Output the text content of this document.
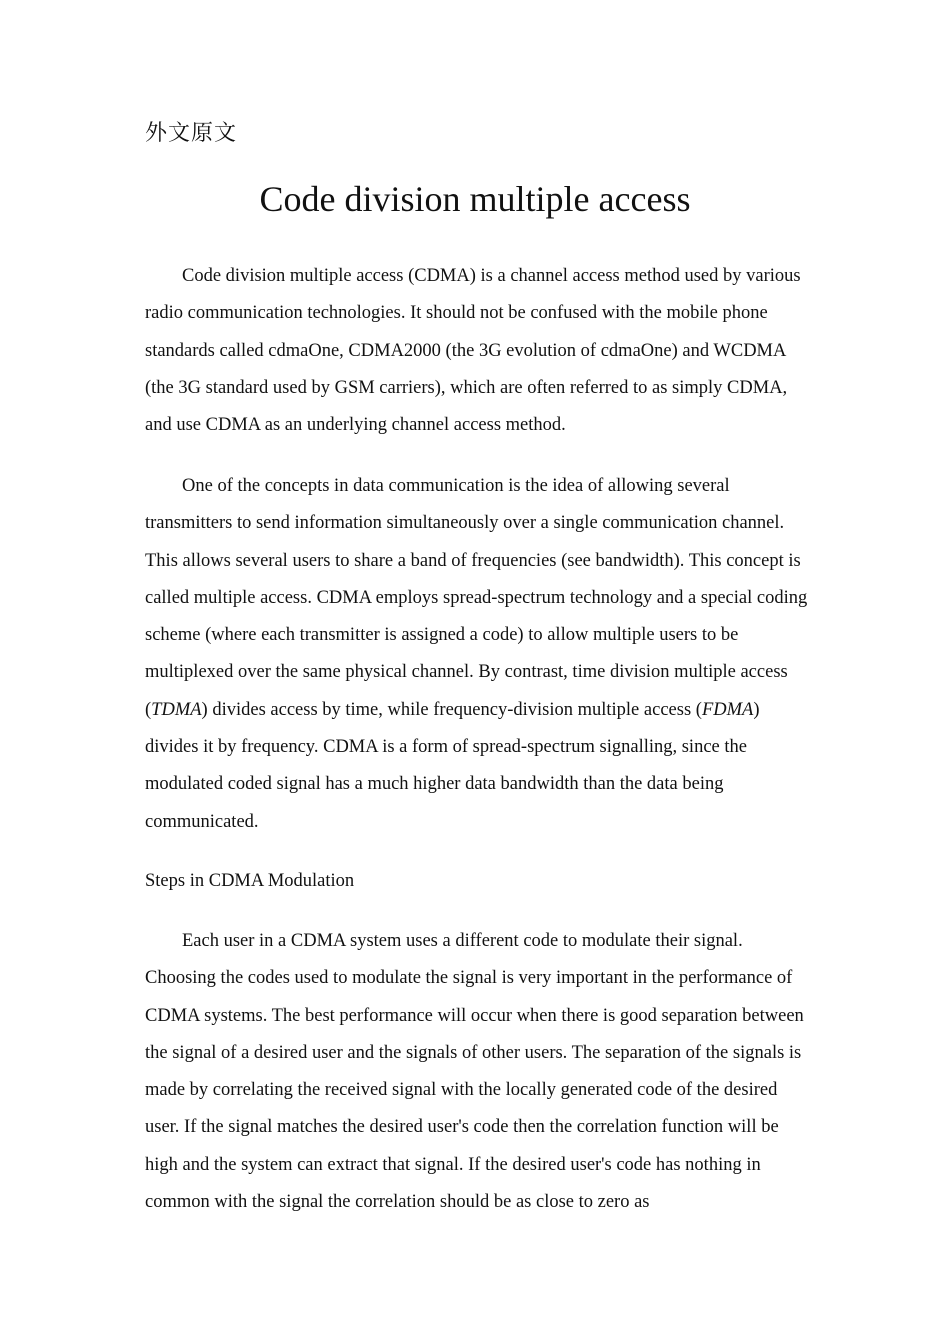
外文原文
Code division multiple access

Code division multiple access (CDMA) is a channel access method used by various radio communication technologies. It should not be confused with the mobile phone standards called cdmaOne, CDMA2000 (the 3G evolution of cdmaOne) and WCDMA (the 3G standard used by GSM carriers), which are often referred to as simply CDMA, and use CDMA as an underlying channel access method.

One of the concepts in data communication is the idea of allowing several transmitters to send information simultaneously over a single communication channel. This allows several users to share a band of frequencies (see bandwidth). This concept is called multiple access. CDMA employs spread-spectrum technology and a special coding scheme (where each transmitter is assigned a code) to allow multiple users to be multiplexed over the same physical channel. By contrast, time division multiple access (TDMA) divides access by time, while frequency-division multiple access (FDMA) divides it by frequency. CDMA is a form of spread-spectrum signalling, since the modulated coded signal has a much higher data bandwidth than the data being communicated.

Steps in CDMA Modulation

Each user in a CDMA system uses a different code to modulate their signal. Choosing the codes used to modulate the signal is very important in the performance of CDMA systems. The best performance will occur when there is good separation between the signal of a desired user and the signals of other users. The separation of the signals is made by correlating the received signal with the locally generated code of the desired user. If the signal matches the desired user's code then the correlation function will be high and the system can extract that signal. If the desired user's code has nothing in common with the signal the correlation should be as close to zero as
